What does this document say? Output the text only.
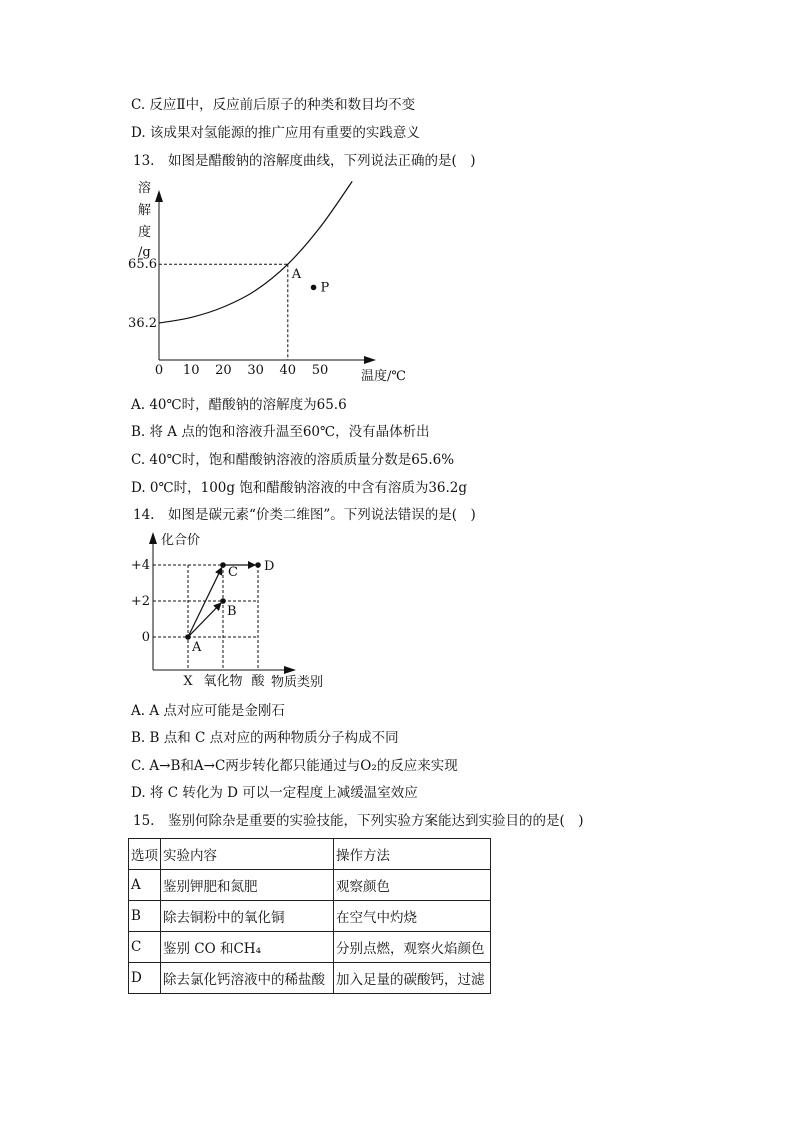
C. 反应Ⅱ中，反应前后原子的种类和数目均不变
D. 该成果对氢能源的推广应用有重要的实践意义
13.　如图是醋酸钠的溶解度曲线，下列说法正确的是(　)
溶
解
度
/g
温度/℃
0 10 20 30 40 50
36.2
65.6
P
A
A. 40℃时，醋酸钠的溶解度为65.6
B. 将 A 点的饱和溶液升温至60℃，没有晶体析出
C. 40℃时，饱和醋酸钠溶液的溶质质量分数是65.6%
D. 0℃时，100g 饱和醋酸钠溶液的中含有溶质为36.2g
14.　如图是碳元素“价类二维图”。下列说法错误的是(　)
化合价
物质类别
0
+2
+4
X 氧化物 酸
A
B
C D
A. A 点对应可能是金刚石
B. B 点和 C 点对应的两种物质分子构成不同
C. A→B和A→C两步转化都只能通过与O₂的反应来实现
D. 将 C 转化为 D 可以一定程度上减缓温室效应
15.　鉴别何除杂是重要的实验技能，下列实验方案能达到实验目的的是(　)
选项	实验内容	操作方法
A	鉴别钾肥和氮肥	观察颜色
B	除去铜粉中的氧化铜	在空气中灼烧
C	鉴别 CO 和CH₄	分别点燃，观察火焰颜色
D	除去氯化钙溶液中的稀盐酸	加入足量的碳酸钙，过滤
